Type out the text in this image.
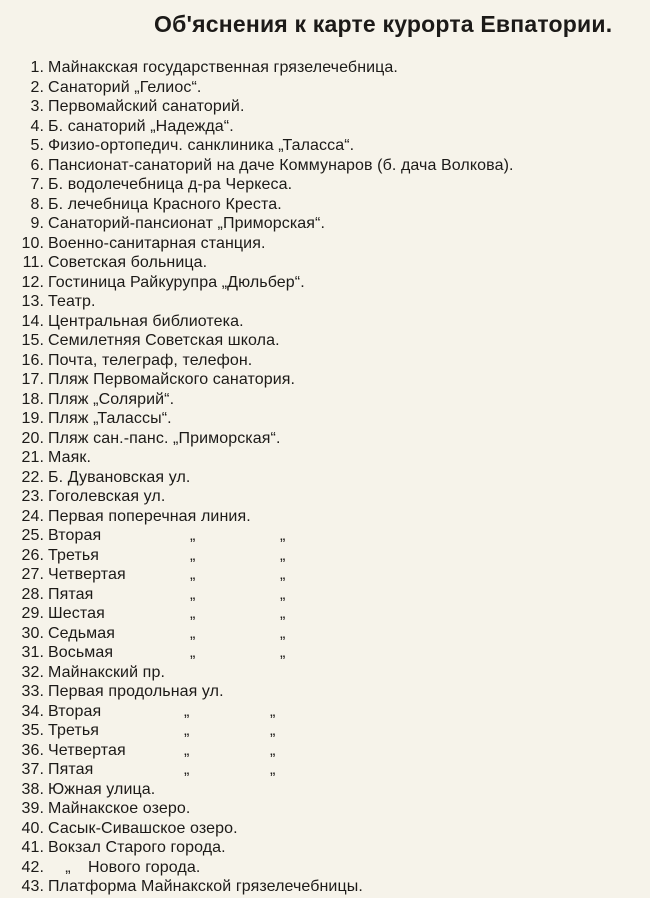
Об'яснения к карте курорта Евпатории.
1. Майнакская государственная грязелечебница.
2. Санаторий „Гелиос“.
3. Первомайский санаторий.
4. Б. санаторий „Надежда“.
5. Физио-ортопедич. санклиника „Таласса“.
6. Пансионат-санаторий на даче Коммунаров (б. дача Волкова).
7. Б. водолечебница д-ра Черкеса.
8. Б. лечебница Красного Креста.
9. Санаторий-пансионат „Приморская“.
10. Военно-санитарная станция.
11. Советская больница.
12. Гостиница Райкурупра „Дюльбер“.
13. Театр.
14. Центральная библиотека.
15. Семилетняя Советская школа.
16. Почта, телеграф, телефон.
17. Пляж Первомайского санатория.
18. Пляж „Солярий“.
19. Пляж „Талассы“.
20. Пляж сан.-панс. „Приморская“.
21. Маяк.
22. Б. Дувановская ул.
23. Гоголевская ул.
24. Первая поперечная линия.
25. Вторая	„	„
26. Третья	„	„
27. Четвертая	„	„
28. Пятая	„	„
29. Шестая	„	„
30. Седьмая	„	„
31. Восьмая	„	„
32. Майнакский пр.
33. Первая продольная ул.
34. Вторая	„	„
35. Третья	„	„
36. Четвертая	„	„
37. Пятая	„	„
38. Южная улица.
39. Майнакское озеро.
40. Сасык-Сивашское озеро.
41. Вокзал Старого города.
42.	„	Нового города.
43. Платформа Майнакской грязелечебницы.
